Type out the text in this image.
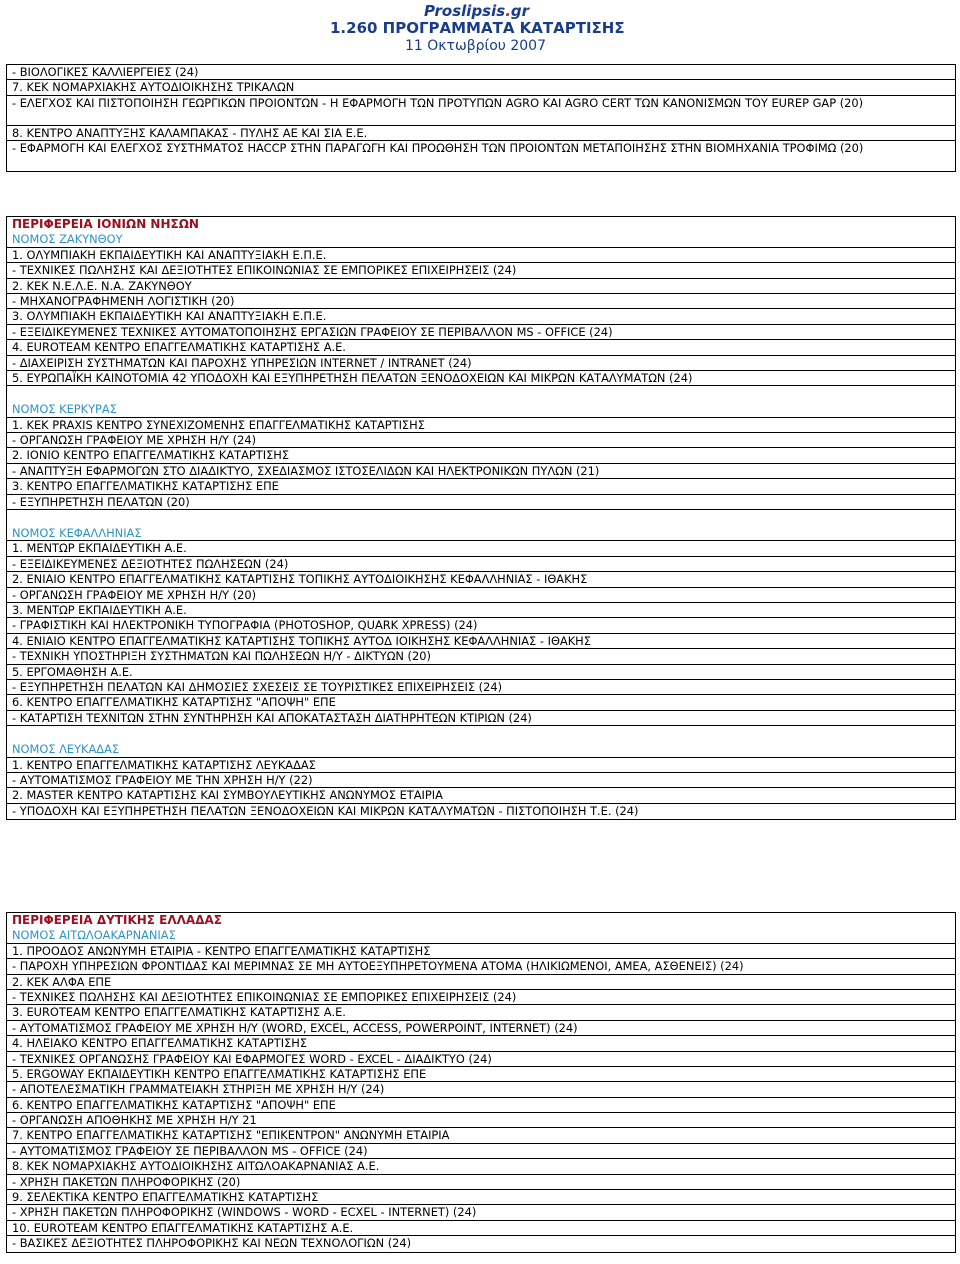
Proslipsis.gr
1.260 ΠΡΟΓΡΑΜΜΑΤΑ ΚΑΤΑΡΤΙΣΗΣ
11 Οκτωβρίου 2007
- ΒΙΟΛΟΓΙΚΕΣ ΚΑΛΛΙΕΡΓΕΙΕΣ (24)
7. ΚΕΚ ΝΟΜΑΡΧΙΑΚΗΣ ΑΥΤΟΔΙΟΙΚΗΣΗΣ ΤΡΙΚΑΛΩΝ
- ΕΛΕΓΧΟΣ ΚΑΙ ΠΙΣΤΟΠΟΙΗΣΗ ΓΕΩΡΓΙΚΩΝ ΠΡΟΙΟΝΤΩΝ - Η ΕΦΑΡΜΟΓΗ ΤΩΝ ΠΡΟΤΥΠΩΝ AGRO ΚΑΙ AGRO CERT ΤΩΝ ΚΑΝΟΝΙΣΜΩΝ ΤΟΥ EUREP GAP (20)
8. ΚΕΝΤΡΟ ΑΝΑΠΤΥΞΗΣ ΚΑΛΑΜΠΑΚΑΣ - ΠΥΛΗΣ ΑΕ ΚΑΙ ΣΙΑ Ε.Ε.
- ΕΦΑΡΜΟΓΗ ΚΑΙ ΕΛΕΓΧΟΣ ΣΥΣΤΗΜΑΤΟΣ HACCP ΣΤΗΝ ΠΑΡΑΓΩΓΗ ΚΑΙ ΠΡΟΩΘΗΣΗ ΤΩΝ ΠΡΟΙΟΝΤΩΝ ΜΕΤΑΠΟΙΗΣΗΣ ΣΤΗΝ ΒΙΟΜΗΧΑΝΙΑ ΤΡΟΦΙΜΩ (20)
ΠΕΡΙΦΕΡΕΙΑ ΙΟΝΙΩΝ ΝΗΣΩΝ
ΝΟΜΟΣ ΖΑΚΥΝΘΟΥ
1. ΟΛΥΜΠΙΑΚΗ ΕΚΠΑΙΔΕΥΤΙΚΗ ΚΑΙ ΑΝΑΠΤΥΞΙΑΚΗ Ε.Π.Ε.
- ΤΕΧΝΙΚΕΣ ΠΩΛΗΣΗΣ ΚΑΙ ΔΕΞΙΟΤΗΤΕΣ ΕΠΙΚΟΙΝΩΝΙΑΣ ΣΕ ΕΜΠΟΡΙΚΕΣ ΕΠΙΧΕΙΡΗΣΕΙΣ (24)
2. ΚΕΚ Ν.Ε.Λ.Ε. Ν.Α. ΖΑΚΥΝΘΟΥ
- ΜΗΧΑΝΟΓΡΑΦΗΜΕΝΗ ΛΟΓΙΣΤΙΚΗ (20)
3. ΟΛΥΜΠΙΑΚΗ ΕΚΠΑΙΔΕΥΤΙΚΗ ΚΑΙ ΑΝΑΠΤΥΞΙΑΚΗ Ε.Π.Ε.
- ΕΞΕΙΔΙΚΕΥΜΕΝΕΣ ΤΕΧΝΙΚΕΣ ΑΥΤΟΜΑΤΟΠΟΙΗΣΗΣ ΕΡΓΑΣΙΩΝ ΓΡΑΦΕΙΟΥ ΣΕ ΠΕΡΙΒΑΛΛΟΝ MS - OFFICE (24)
4. EUROTEAM ΚΕΝΤΡΟ ΕΠΑΓΓΕΛΜΑΤΙΚΗΣ ΚΑΤΑΡΤΙΣΗΣ Α.Ε.
- ΔΙΑΧΕΙΡΙΣΗ ΣΥΣΤΗΜΑΤΩΝ ΚΑΙ ΠΑΡΟΧΗΣ ΥΠΗΡΕΣΙΩΝ INTERNET / INTRANET (24)
5. ΕΥΡΩΠΑΪΚΗ ΚΑΙΝΟΤΟΜΙΑ 42 ΥΠΟΔΟΧΗ ΚΑΙ ΕΞΥΠΗΡΕΤΗΣΗ ΠΕΛΑΤΩΝ ΞΕΝΟΔΟΧΕΙΩΝ ΚΑΙ ΜΙΚΡΩΝ ΚΑΤΑΛΥΜΑΤΩΝ (24)
ΝΟΜΟΣ ΚΕΡΚΥΡΑΣ
1. ΚΕΚ PRAXIS ΚΕΝΤΡΟ ΣΥΝΕΧΙΖΟΜΕΝΗΣ ΕΠΑΓΓΕΛΜΑΤΙΚΗΣ ΚΑΤΑΡΤΙΣΗΣ
- ΟΡΓΑΝΩΣΗ ΓΡΑΦΕΙΟΥ ΜΕ ΧΡΗΣΗ Η/Υ (24)
2. ΙΟΝΙΟ ΚΕΝΤΡΟ ΕΠΑΓΓΕΛΜΑΤΙΚΗΣ ΚΑΤΑΡΤΙΣΗΣ
- ΑΝΑΠΤΥΞΗ ΕΦΑΡΜΟΓΩΝ ΣΤΟ ΔΙΑΔΙΚΤΥΟ, ΣΧΕΔΙΑΣΜΟΣ ΙΣΤΟΣΕΛΙΔΩΝ ΚΑΙ ΗΛΕΚΤΡΟΝΙΚΩΝ ΠΥΛΩΝ (21)
3. ΚΕΝΤΡΟ ΕΠΑΓΓΕΛΜΑΤΙΚΗΣ ΚΑΤΑΡΤΙΣΗΣ ΕΠΕ
- ΕΞΥΠΗΡΕΤΗΣΗ ΠΕΛΑΤΩΝ (20)
ΝΟΜΟΣ ΚΕΦΑΛΛΗΝΙΑΣ
1. ΜΕΝΤΩΡ ΕΚΠΑΙΔΕΥΤΙΚΗ Α.Ε.
- ΕΞΕΙΔΙΚΕΥΜΕΝΕΣ ΔΕΞΙΟΤΗΤΕΣ ΠΩΛΗΣΕΩΝ (24)
2. ΕΝΙΑΙΟ ΚΕΝΤΡΟ ΕΠΑΓΓΕΛΜΑΤΙΚΗΣ ΚΑΤΑΡΤΙΣΗΣ ΤΟΠΙΚΗΣ ΑΥΤΟΔΙΟΙΚΗΣΗΣ ΚΕΦΑΛΛΗΝΙΑΣ - ΙΘΑΚΗΣ
- ΟΡΓΑΝΩΣΗ ΓΡΑΦΕΙΟΥ ΜΕ ΧΡΗΣΗ Η/Υ (20)
3. ΜΕΝΤΩΡ ΕΚΠΑΙΔΕΥΤΙΚΗ Α.Ε.
- ΓΡΑΦΙΣΤΙΚΗ ΚΑΙ ΗΛΕΚΤΡΟΝΙΚΗ ΤΥΠΟΓΡΑΦΙΑ (PHOTOSHOP, QUARK XPRESS) (24)
4. ΕΝΙΑΙΟ ΚΕΝΤΡΟ ΕΠΑΓΓΕΛΜΑΤΙΚΗΣ ΚΑΤΑΡΤΙΣΗΣ ΤΟΠΙΚΗΣ ΑΥΤΟΔ ΙΟΙΚΗΣΗΣ ΚΕΦΑΛΛΗΝΙΑΣ - ΙΘΑΚΗΣ
- ΤΕΧΝΙΚΗ ΥΠΟΣΤΗΡΙΞΗ ΣΥΣΤΗΜΑΤΩΝ ΚΑΙ ΠΩΛΗΣΕΩΝ Η/Υ - ΔΙΚΤΥΩΝ (20)
5. ΕΡΓΟΜΑΘΗΣΗ Α.Ε.
- ΕΞΥΠΗΡΕΤΗΣΗ ΠΕΛΑΤΩΝ ΚΑΙ ΔΗΜΟΣΙΕΣ ΣΧΕΣΕΙΣ ΣΕ ΤΟΥΡΙΣΤΙΚΕΣ ΕΠΙΧΕΙΡΗΣΕΙΣ (24)
6. ΚΕΝΤΡΟ ΕΠΑΓΓΕΛΜΑΤΙΚΗΣ ΚΑΤΑΡΤΙΣΗΣ "ΑΠΟΨΗ" ΕΠΕ
- ΚΑΤΑΡΤΙΣΗ ΤΕΧΝΙΤΩΝ ΣΤΗΝ ΣΥΝΤΗΡΗΣΗ ΚΑΙ ΑΠΟΚΑΤΑΣΤΑΣΗ ΔΙΑΤΗΡΗΤΕΩΝ ΚΤΙΡΙΩΝ (24)
ΝΟΜΟΣ ΛΕΥΚΑΔΑΣ
1. ΚΕΝΤΡΟ ΕΠΑΓΓΕΛΜΑΤΙΚΗΣ ΚΑΤΑΡΤΙΣΗΣ ΛΕΥΚΑΔΑΣ
- ΑΥΤΟΜΑΤΙΣΜΟΣ ΓΡΑΦΕΙΟΥ ΜΕ ΤΗΝ ΧΡΗΣΗ Η/Υ (22)
2. MASTER ΚΕΝΤΡΟ ΚΑΤΑΡΤΙΣΗΣ ΚΑΙ ΣΥΜΒΟΥΛΕΥΤΙΚΗΣ ΑΝΩΝΥΜΟΣ ΕΤΑΙΡΙΑ
- ΥΠΟΔΟΧΗ ΚΑΙ ΕΞΥΠΗΡΕΤΗΣΗ ΠΕΛΑΤΩΝ ΞΕΝΟΔΟΧΕΙΩΝ ΚΑΙ ΜΙΚΡΩΝ ΚΑΤΑΛΥΜΑΤΩΝ - ΠΙΣΤΟΠΟΙΗΣΗ Τ.Ε. (24)
ΠΕΡΙΦΕΡΕΙΑ ΔΥΤΙΚΗΣ ΕΛΛΑΔΑΣ
ΝΟΜΟΣ ΑΙΤΩΛΟΑΚΑΡΝΑΝΙΑΣ
1. ΠΡΟΟΔΟΣ ΑΝΩΝΥΜΗ ΕΤΑΙΡΙΑ - ΚΕΝΤΡΟ ΕΠΑΓΓΕΛΜΑΤΙΚΗΣ ΚΑΤΑΡΤΙΣΗΣ
- ΠΑΡΟΧΗ ΥΠΗΡΕΣΙΩΝ ΦΡΟΝΤΙΔΑΣ ΚΑΙ ΜΕΡΙΜΝΑΣ ΣΕ ΜΗ ΑΥΤΟΕΞΥΠΗΡΕΤΟΥΜΕΝΑ ΑΤΟΜΑ (ΗΛΙΚΙΩΜΕΝΟΙ, ΑΜΕΑ, ΑΣΘΕΝΕΙΣ) (24)
2. ΚΕΚ ΑΛΦΑ ΕΠΕ
- ΤΕΧΝΙΚΕΣ ΠΩΛΗΣΗΣ ΚΑΙ ΔΕΞΙΟΤΗΤΕΣ ΕΠΙΚΟΙΝΩΝΙΑΣ ΣΕ ΕΜΠΟΡΙΚΕΣ ΕΠΙΧΕΙΡΗΣΕΙΣ (24)
3. EUROTEAM ΚΕΝΤΡΟ ΕΠΑΓΓΕΛΜΑΤΙΚΗΣ ΚΑΤΑΡΤΙΣΗΣ Α.Ε.
- ΑΥΤΟΜΑΤΙΣΜΟΣ ΓΡΑΦΕΙΟΥ ΜΕ ΧΡΗΣΗ Η/Υ (WORD, EXCEL, ACCESS, POWERPOINT, INTERNET) (24)
4. ΗΛΕΙΑΚΟ ΚΕΝΤΡΟ ΕΠΑΓΓΕΛΜΑΤΙΚΗΣ ΚΑΤΑΡΤΙΣΗΣ
- ΤΕΧΝΙΚΕΣ ΟΡΓΑΝΩΣΗΣ ΓΡΑΦΕΙΟΥ ΚΑΙ ΕΦΑΡΜΟΓΕΣ WORD - EXCEL - ΔΙΑΔΙΚΤΥΟ (24)
5. ERGOWAY ΕΚΠΑΙΔΕΥΤΙΚΗ ΚΕΝΤΡΟ ΕΠΑΓΓΕΛΜΑΤΙΚΗΣ ΚΑΤΑΡΤΙΣΗΣ ΕΠΕ
- ΑΠΟΤΕΛΕΣΜΑΤΙΚΗ ΓΡΑΜΜΑΤΕΙΑΚΗ ΣΤΗΡΙΞΗ ΜΕ ΧΡΗΣΗ Η/Υ (24)
6. ΚΕΝΤΡΟ ΕΠΑΓΓΕΛΜΑΤΙΚΗΣ ΚΑΤΑΡΤΙΣΗΣ "ΑΠΟΨΗ" ΕΠΕ
- ΟΡΓΑΝΩΣΗ ΑΠΟΘΗΚΗΣ ΜΕ ΧΡΗΣΗ Η/Υ 21
7. ΚΕΝΤΡΟ ΕΠΑΓΓΕΛΜΑΤΙΚΗΣ ΚΑΤΑΡΤΙΣΗΣ "ΕΠΙΚΕΝΤΡΟΝ" ΑΝΩΝΥΜΗ ΕΤΑΙΡΙΑ
- ΑΥΤΟΜΑΤΙΣΜΟΣ ΓΡΑΦΕΙΟΥ ΣΕ ΠΕΡΙΒΑΛΛΟΝ MS - OFFICE (24)
8. ΚΕΚ ΝΟΜΑΡΧΙΑΚΗΣ ΑΥΤΟΔΙΟΙΚΗΣΗΣ ΑΙΤΩΛΟΑΚΑΡΝΑΝΙΑΣ Α.Ε.
- ΧΡΗΣΗ ΠΑΚΕΤΩΝ ΠΛΗΡΟΦΟΡΙΚΗΣ (20)
9. ΣΕΛΕΚΤΙΚΑ ΚΕΝΤΡΟ ΕΠΑΓΓΕΛΜΑΤΙΚΗΣ ΚΑΤΑΡΤΙΣΗΣ
- ΧΡΗΣΗ ΠΑΚΕΤΩΝ ΠΛΗΡΟΦΟΡΙΚΗΣ (WINDOWS - WORD - ECXEL - INTERNET) (24)
10. EUROTEAM ΚΕΝΤΡΟ ΕΠΑΓΓΕΛΜΑΤΙΚΗΣ ΚΑΤΑΡΤΙΣΗΣ Α.Ε.
- ΒΑΣΙΚΕΣ ΔΕΞΙΟΤΗΤΕΣ ΠΛΗΡΟΦΟΡΙΚΗΣ ΚΑΙ ΝΕΩΝ ΤΕΧΝΟΛΟΓΙΩΝ (24)
